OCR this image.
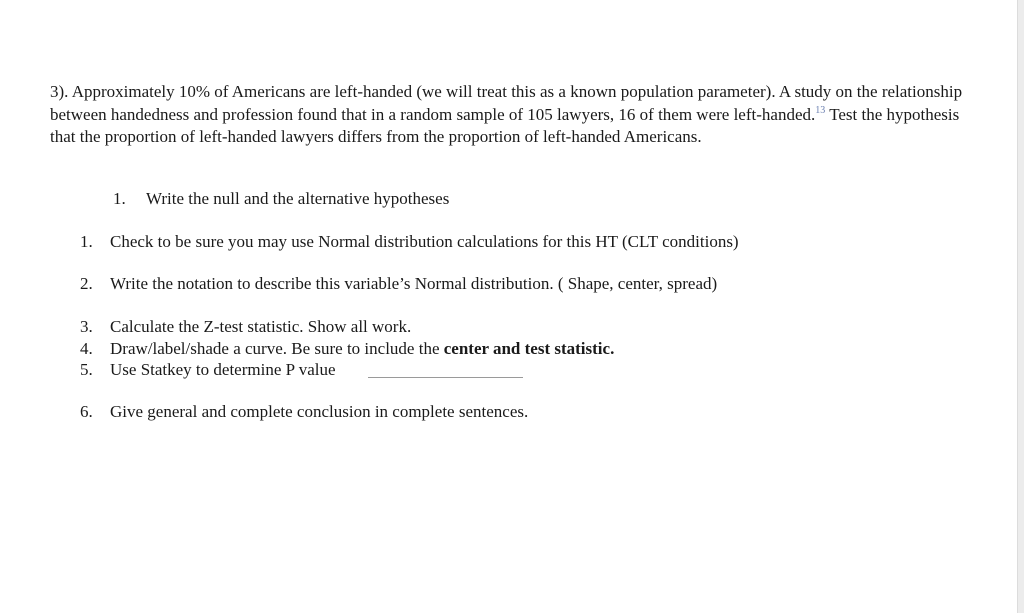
3). Approximately 10% of Americans are left-handed (we will treat this as a known population parameter). A study on the relationship between handedness and profession found that in a random sample of 105 lawyers, 16 of them were left-handed.$^{13}$ Test the hypothesis that the proportion of left-handed lawyers differs from the proportion of left-handed Americans.

1.	Write the null and the alternative hypotheses
1.	Check to be sure you may use Normal distribution calculations for this HT (CLT conditions)
2.	Write the notation to describe this variable’s Normal distribution. ( Shape, center, spread)
3.	Calculate the Z-test statistic. Show all work.
4.	Draw/label/shade a curve. Be sure to include the center and test statistic.
5.	Use Statkey to determine P value
6.	Give general and complete conclusion in complete sentences.
